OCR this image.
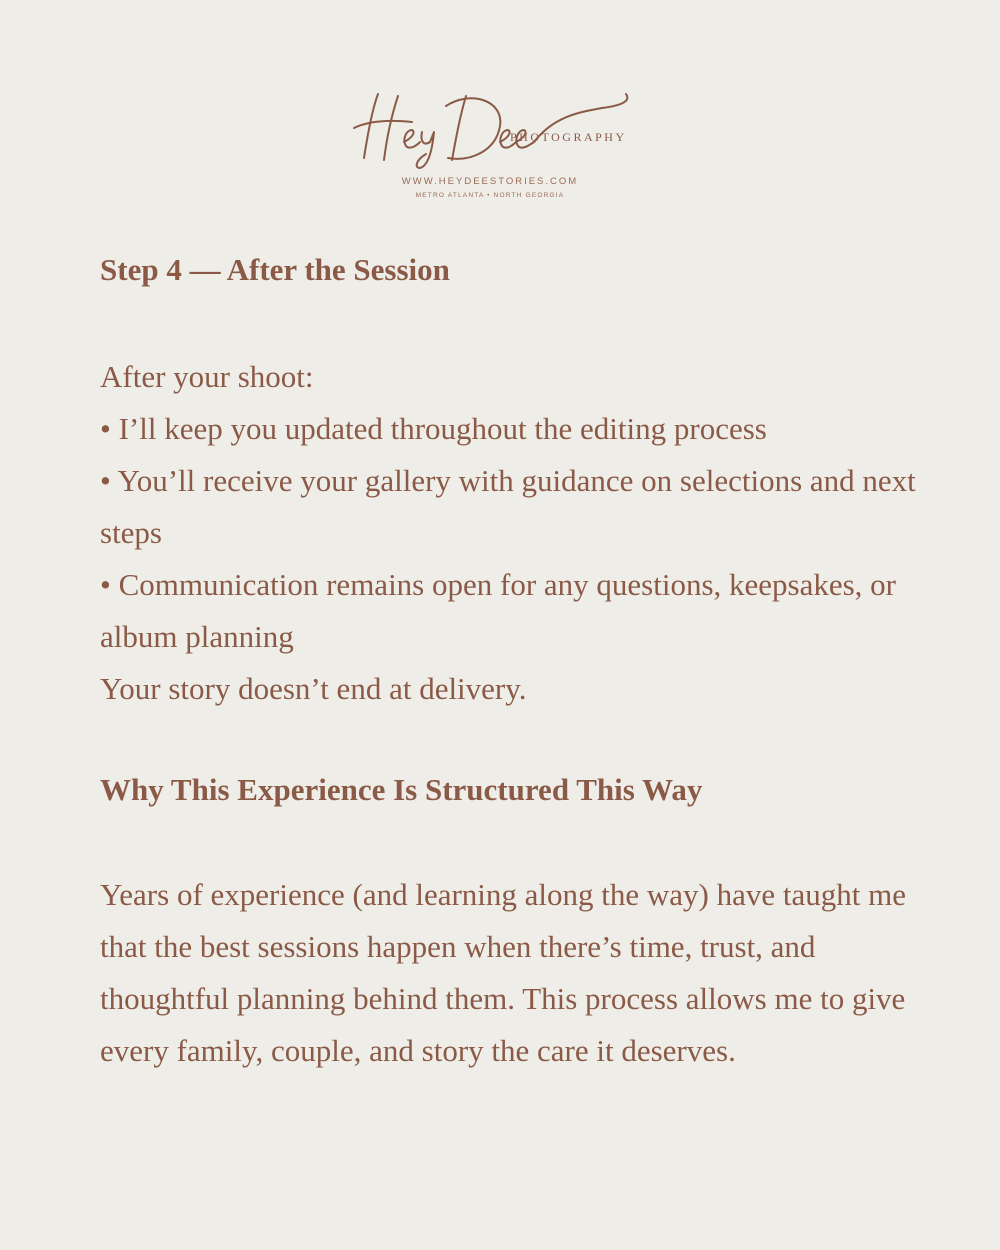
PHOTOGRAPHY
WWW.HEYDEESTORIES.COM
METRO ATLANTA • NORTH GEORGIA
Step 4 — After the Session

After your shoot:

• I’ll keep you updated throughout the editing process

• You’ll receive your gallery with guidance on selections and next steps

• Communication remains open for any questions, keepsakes, or album planning

Your story doesn’t end at delivery.

Why This Experience Is Structured This Way

Years of experience (and learning along the way) have taught me that the best sessions happen when there’s time, trust, and thoughtful planning behind them. This process allows me to give every family, couple, and story the care it deserves.
